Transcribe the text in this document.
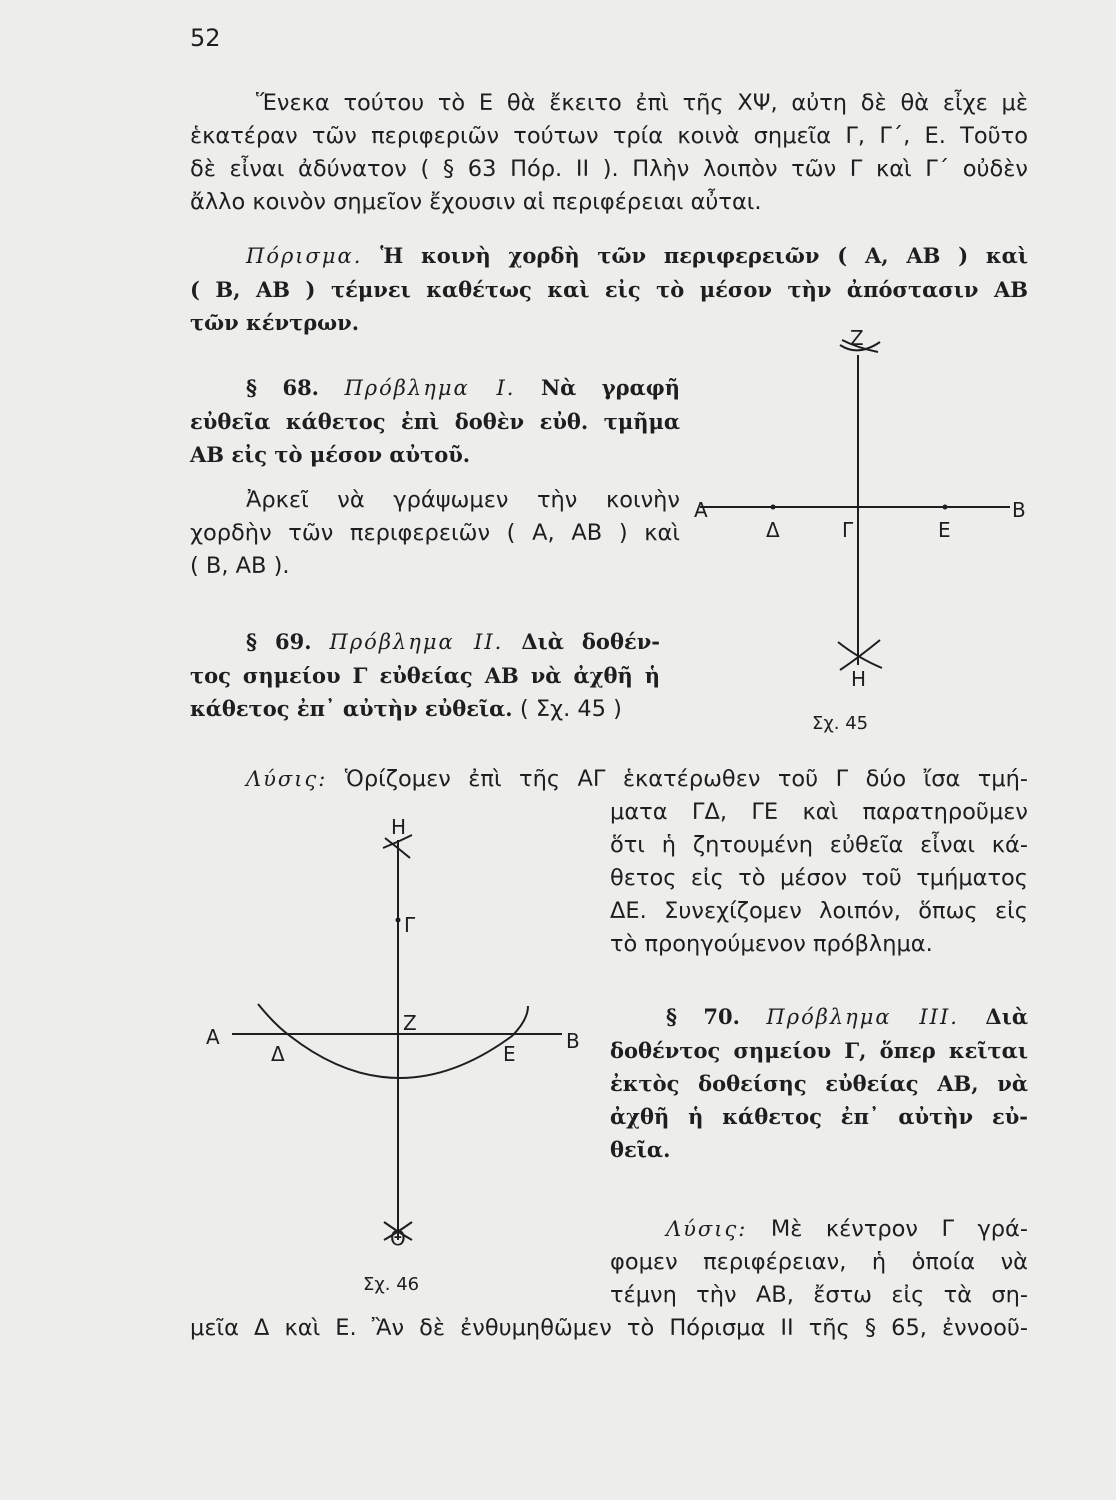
52
Ἕνεκα τούτου τὸ Ε θὰ ἔκειτο ἐπὶ τῆς ΧΨ, αὐτη δὲ θὰ εἶχε μὲ
ἑκατέραν τῶν περιφεριῶν τούτων τρία κοινὰ σημεῖα Γ, Γ΄, Ε. Τοῦτο
δὲ εἶναι ἀδύνατον ( § 63 Πόρ. ΙΙ ). Πλὴν λοιπὸν τῶν Γ καὶ Γ΄ οὐδὲν
ἄλλο κοινὸν σημεῖον ἔχουσιν αἱ περιφέρειαι αὖται.
Πόρισμα. Ἡ κοινὴ χορδὴ τῶν περιφερειῶν ( Α, ΑΒ ) καὶ
( Β, ΑΒ ) τέμνει καθέτως καὶ εἰς τὸ μέσον τὴν ἀπόστασιν ΑΒ
τῶν κέντρων.
§ 68. Πρόβλημα Ι. Νὰ γραφῆ
εὐθεῖα κάθετος ἐπὶ δοθὲν εὐθ. τμῆμα
ΑΒ εἰς τὸ μέσον αὐτοῦ.
Ἀρκεῖ νὰ γράψωμεν τὴν κοινὴν
χορδὴν τῶν περιφερειῶν ( Α, ΑΒ ) καὶ
( Β, ΑΒ ).
§ 69. Πρόβλημα ΙΙ. Διὰ δοθέν-
τος σημείου Γ εὐθείας ΑΒ νὰ ἀχθῆ ἡ
κάθετος ἐπ᾽ αὐτὴν εὐθεῖα. ( Σχ. 45 )
Λύσις: Ὁρίζομεν ἐπὶ τῆς ΑΓ ἑκατέρωθεν τοῦ Γ δύο ἴσα τμή-
ματα ΓΔ, ΓΕ καὶ παρατηροῦμεν
ὅτι ἡ ζητουμένη εὐθεῖα εἶναι κά-
θετος εἰς τὸ μέσον τοῦ τμήματος
ΔΕ. Συνεχίζομεν λοιπόν, ὅπως εἰς
τὸ προηγούμενον πρόβλημα.
§ 70. Πρόβλημα ΙΙΙ. Διὰ
δοθέντος σημείου Γ, ὅπερ κεῖται
ἐκτὸς δοθείσης εὐθείας ΑΒ, νὰ
ἀχθῆ ἡ κάθετος ἐπ᾽ αὐτὴν εὐ-
θεῖα.
Λύσις: Μὲ κέντρον Γ γρά-
φομεν περιφέρειαν, ἡ ὁποία νὰ
τέμνη τὴν ΑΒ, ἔστω εἰς τὰ ση-
μεῖα Δ καὶ Ε. Ἂν δὲ ἐνθυμηθῶμεν τὸ Πόρισμα ΙΙ τῆς § 65, ἐννοοῦ-
Ζ
Α	Β
Δ	Γ	Ε
Η
Σχ. 45
Η
Γ
Α
Δ
Ζ
Ε
Β
Θ
Σχ. 46
